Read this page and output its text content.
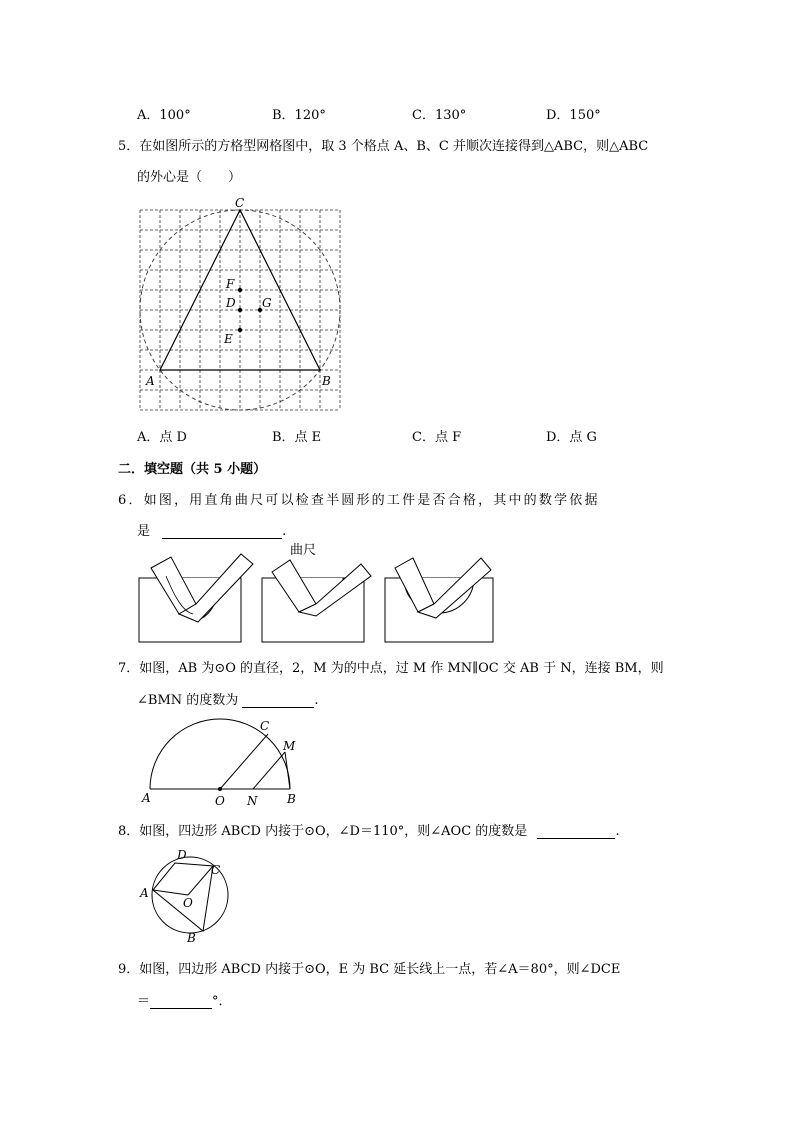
A．100°	B．120°	C．130°	D．150°
5．在如图所示的方格型网格图中，取 3 个格点 A、B、C 并顺次连接得到△ABC，则△ABC
的外心是（　　）
C
A	B
F
D G
E
A．点 D	B．点 E	C．点 F	D．点 G
二．填空题（共 5 小题）
6．如图，用直角曲尺可以检查半圆形的工件是否合格，其中的数学依据
是	.
曲尺
7．如图，AB 为⊙O 的直径，2，M 为的中点，过 M 作 MN∥OC 交 AB 于 N，连接 BM，则
∠BMN 的度数为	.
A	O N B
C
M
8．如图，四边形 ABCD 内接于⊙O，∠D＝110°，则∠AOC 的度数是	.
A
D
C
O
B
9．如图，四边形 ABCD 内接于⊙O，E 为 BC 延长线上一点，若∠A＝80°，则∠DCE
＝	°．
